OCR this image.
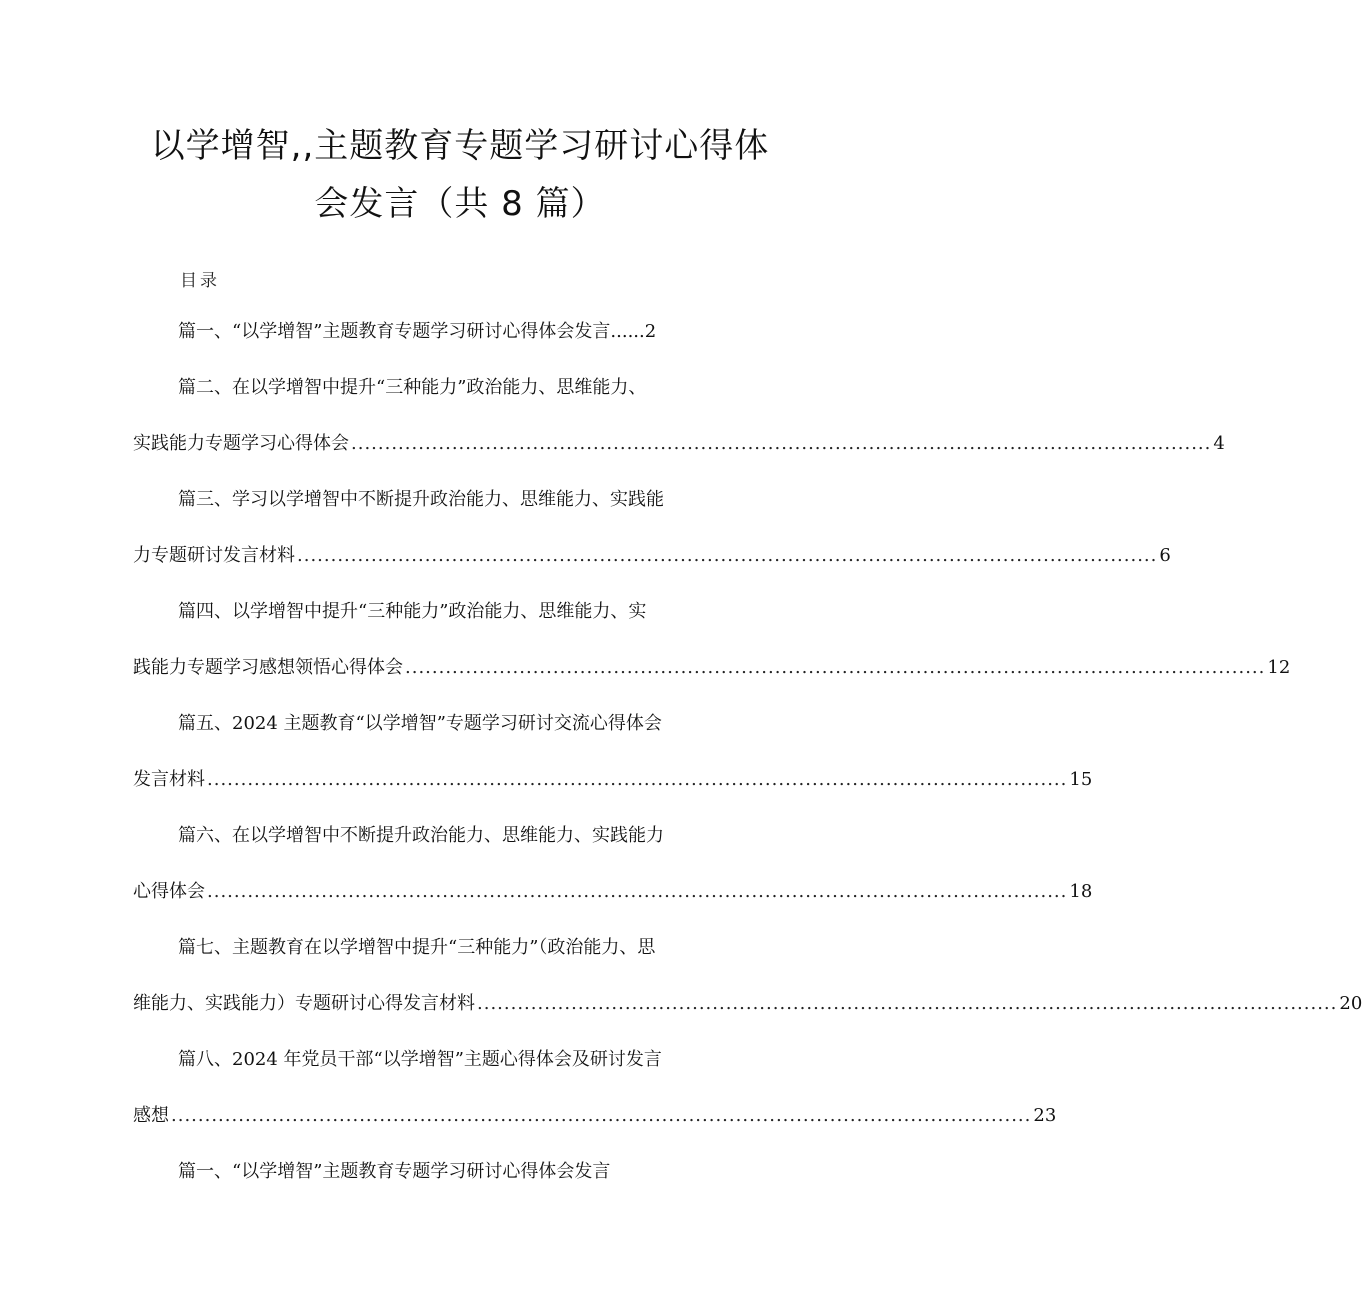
以学增智,,主题教育专题学习研讨心得体
会发言（共 8 篇）
目录
篇一、“以学增智”主题教育专题学习研讨心得体会发言 ...... 2
篇二、在以学增智中提升“三种能力”政治能力、思维能力、
实践能力专题学习心得体会 ................................................................................................................................ 4
篇三、学习以学增智中不断提升政治能力、思维能力、实践能
力专题研讨发言材料 ................................................................................................................................ 6
篇四、以学增智中提升“三种能力”政治能力、思维能力、实
践能力专题学习感想领悟心得体会 ................................................................................................................................ 12
篇五、2024 主题教育“以学增智”专题学习研讨交流心得体会
发言材料 ................................................................................................................................ 15
篇六、在以学增智中不断提升政治能力、思维能力、实践能力
心得体会 ................................................................................................................................ 18
篇七、主题教育在以学增智中提升“三种能力”（政治能力、思
维能力、实践能力）专题研讨心得发言材料 ................................................................................................................................ 20
篇八、2024 年党员干部“以学增智”主题心得体会及研讨发言
感想 ................................................................................................................................ 23
篇一、“以学增智”主题教育专题学习研讨心得体会发言
